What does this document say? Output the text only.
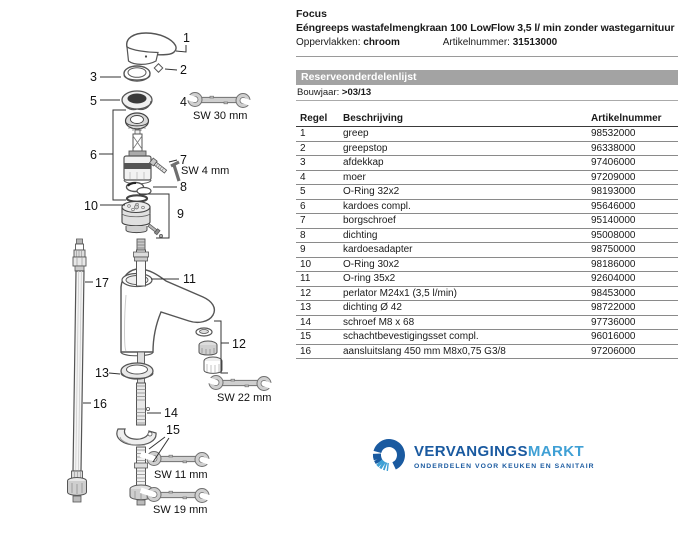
1
2
3
4
5
6	7
8
9
10
11
12
13
14
15
16
17
SW 30 mm
SW 4 mm
SW 22 mm
SW 11 mm
SW 19 mm
Focus
Eéngreeps wastafelmengkraan 100 LowFlow 3,5 l/ min zonder wastegarnituur
Oppervlakken: chroom	Artikelnummer: 31513000
Reserveonderdelenlijst
Bouwjaar: >03/13
Regel	Beschrijving	Artikelnummer
1	greep	98532000
2	greepstop	96338000
3	afdekkap	97406000
4	moer	97209000
5	O-Ring 32x2	98193000
6	kardoes compl.	95646000
7	borgschroef	95140000
8	dichting	95008000
9	kardoesadapter	98750000
10	O-Ring 30x2	98186000
11	O-ring 35x2	92604000
12	perlator M24x1 (3,5 l/min)	98453000
13	dichting Ø 42	98722000
14	schroef M8 x 68	97736000
15	schachtbevestigingsset compl.	96016000
16	aansluitslang 450 mm M8x0,75 G3/8	97206000
VERVANGINGSMARKT
ONDERDELEN VOOR KEUKEN EN SANITAIR
